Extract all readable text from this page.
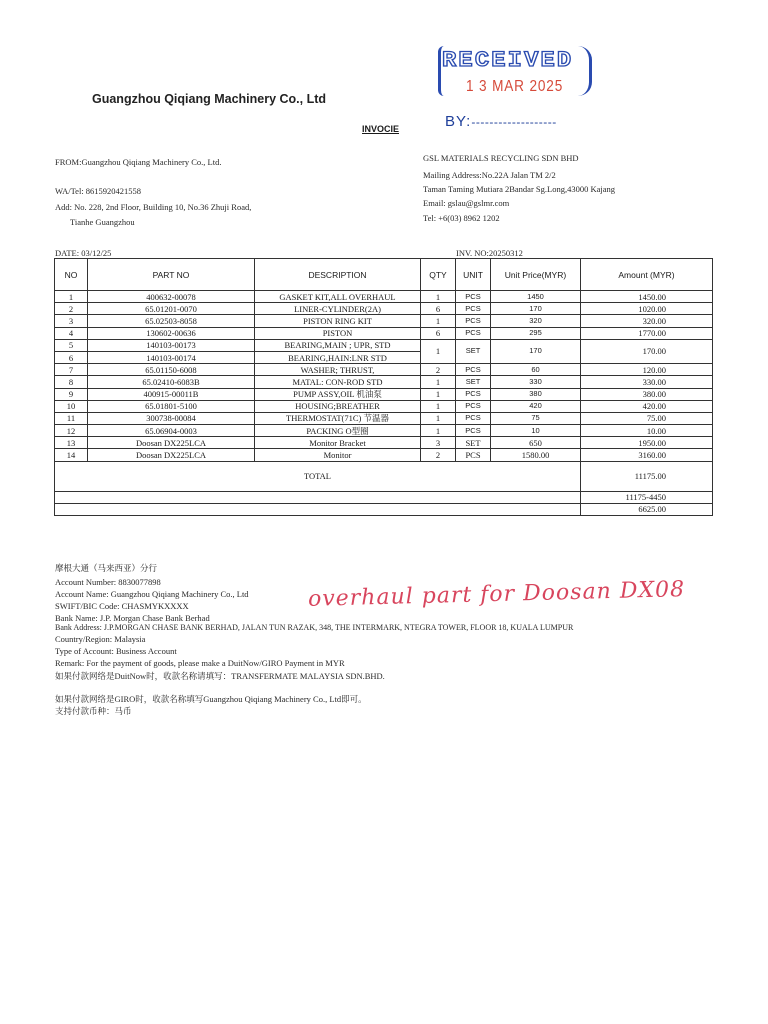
Guangzhou Qiqiang Machinery Co., Ltd
INVOCIE
RECEIVED
1 3 MAR 2025
BY:-------------------
FROM:Guangzhou Qiqiang Machinery Co., Ltd.
WA/Tel: 8615920421558
Add: No. 228, 2nd Floor, Building 10, No.36 Zhuji Road,
Tianhe Guangzhou
GSL MATERIALS RECYCLING SDN BHD
Mailing Address:No.22A Jalan TM 2/2
Taman Taming Mutiara 2Bandar Sg.Long,43000 Kajang
Email: gslau@gslmr.com
Tel: +6(03) 8962 1202
DATE: 03/12/25	INV. NO:20250312
NO	PART NO	DESCRIPTION	QTY	UNIT	Unit Price(MYR)	Amount (MYR)
1	400632-00078	GASKET KIT,ALL OVERHAUL	1	PCS	1450	1450.00
2	65.01201-0070	LINER-CYLINDER(2A)	6	PCS	170	1020.00
3	65.02503-8058	PISTON RING KIT	1	PCS	320	320.00
4	130602-00636	PISTON	6	PCS	295	1770.00
5	140103-00173	BEARING,MAIN ; UPR, STD	1	SET	170	170.00
6	140103-00174	BEARING,HAIN:LNR STD				
7	65.01150-6008	WASHER; THRUST,	2	PCS	60	120.00
8	65.02410-6083B	MATAL: CON-ROD STD	1	SET	330	330.00
9	400915-00011B	PUMP ASSY,OIL 机油泵	1	PCS	380	380.00
10	65.01801-5100	HOUSING;BREATHER	1	PCS	420	420.00
11	300738-00084	THERMOSTAT(71C) 节温器	1	PCS	75	75.00
12	65.06904-0003	PACKING O型圈	1	PCS	10	10.00
13	Doosan DX225LCA	Monitor Bracket	3	SET	650	1950.00
14	Doosan DX225LCA	Monitor	2	PCS	1580.00	3160.00
TOTAL						11175.00
						11175-4450
						6625.00
摩根大通（马来西亚）分行
Account Number: 8830077898
Account Name: Guangzhou Qiqiang Machinery Co., Ltd
SWIFT/BIC Code: CHASMYKXXXX
Bank Name: J.P. Morgan Chase Bank Berhad
Bank Address: J.P.MORGAN CHASE BANK BERHAD, JALAN TUN RAZAK, 348, THE INTERMARK, NTEGRA TOWER, FLOOR 18, KUALA LUMPUR
Country/Region: Malaysia
Type of Account: Business Account
Remark: For the payment of goods, please make a DuitNow/GIRO Payment in MYR
如果付款网络是DuitNow时，收款名称请填写：TRANSFERMATE MALAYSIA SDN.BHD.
如果付款网络是GIRO时，收款名称填写Guangzhou Qiqiang Machinery Co., Ltd即可。
支持付款币种：马币
overhaul part for Doosan DX08
